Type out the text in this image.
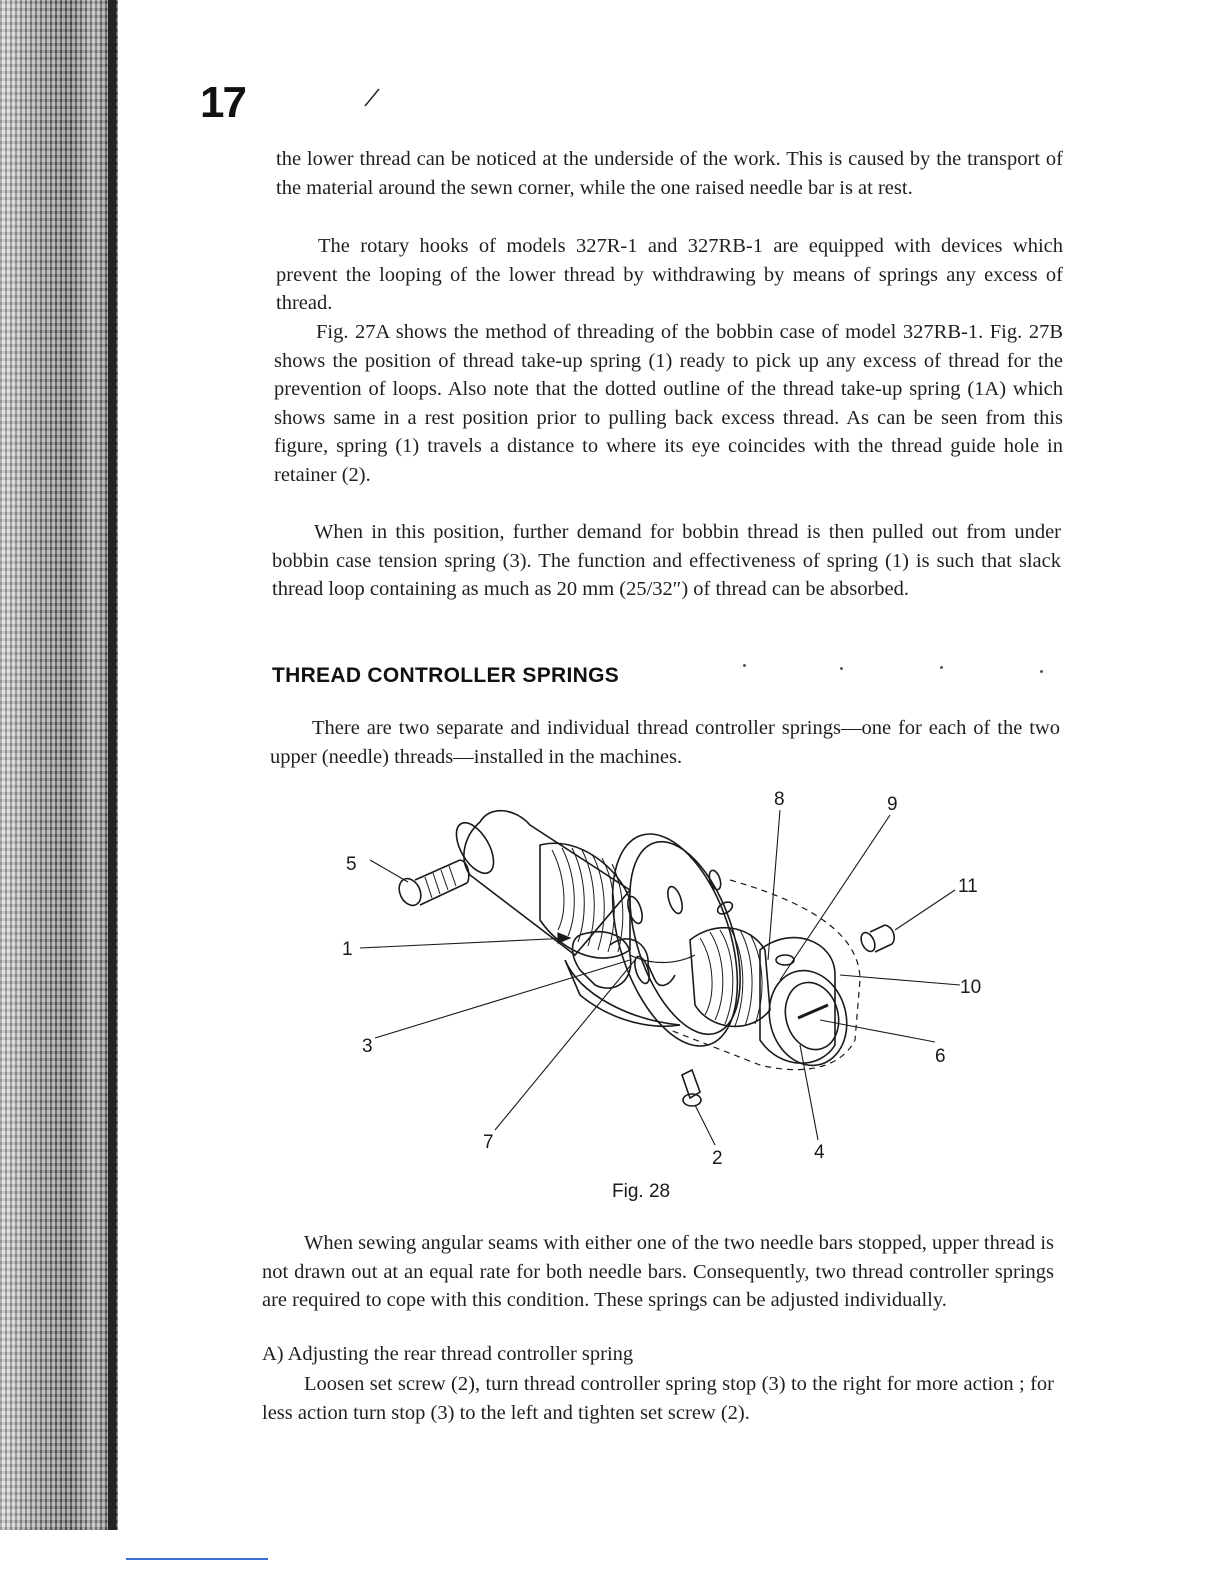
17

the lower thread can be noticed at the underside of the work. This is caused by the transport of the material around the sewn corner, while the one raised needle bar is at rest.

The rotary hooks of models 327R-1 and 327RB-1 are equipped with devices which prevent the looping of the lower thread by withdrawing by means of springs any excess of thread.

Fig. 27A shows the method of threading of the bobbin case of model 327RB-1. Fig. 27B shows the position of thread take-up spring (1) ready to pick up any excess of thread for the prevention of loops. Also note that the dotted outline of the thread take-up spring (1A) which shows same in a rest position prior to pulling back excess thread. As can be seen from this figure, spring (1) travels a distance to where its eye coincides with the thread guide hole in retainer (2).

When in this position, further demand for bobbin thread is then pulled out from under bobbin case tension spring (3). The function and effectiveness of spring (1) is such that slack thread loop containing as much as 20 mm (25/32″) of thread can be absorbed.

THREAD CONTROLLER SPRINGS

There are two separate and individual thread controller springs—one for each of the two upper (needle) threads—installed in the machines.

1
2
3
4
5
6
7
8	9
10
11

Fig. 28

When sewing angular seams with either one of the two needle bars stopped, upper thread is not drawn out at an equal rate for both needle bars. Consequently, two thread controller springs are required to cope with this condition. These springs can be adjusted individually.

A) Adjusting the rear thread controller spring

Loosen set screw (2), turn thread controller spring stop (3) to the right for more action ; for less action turn stop (3) to the left and tighten set screw (2).
